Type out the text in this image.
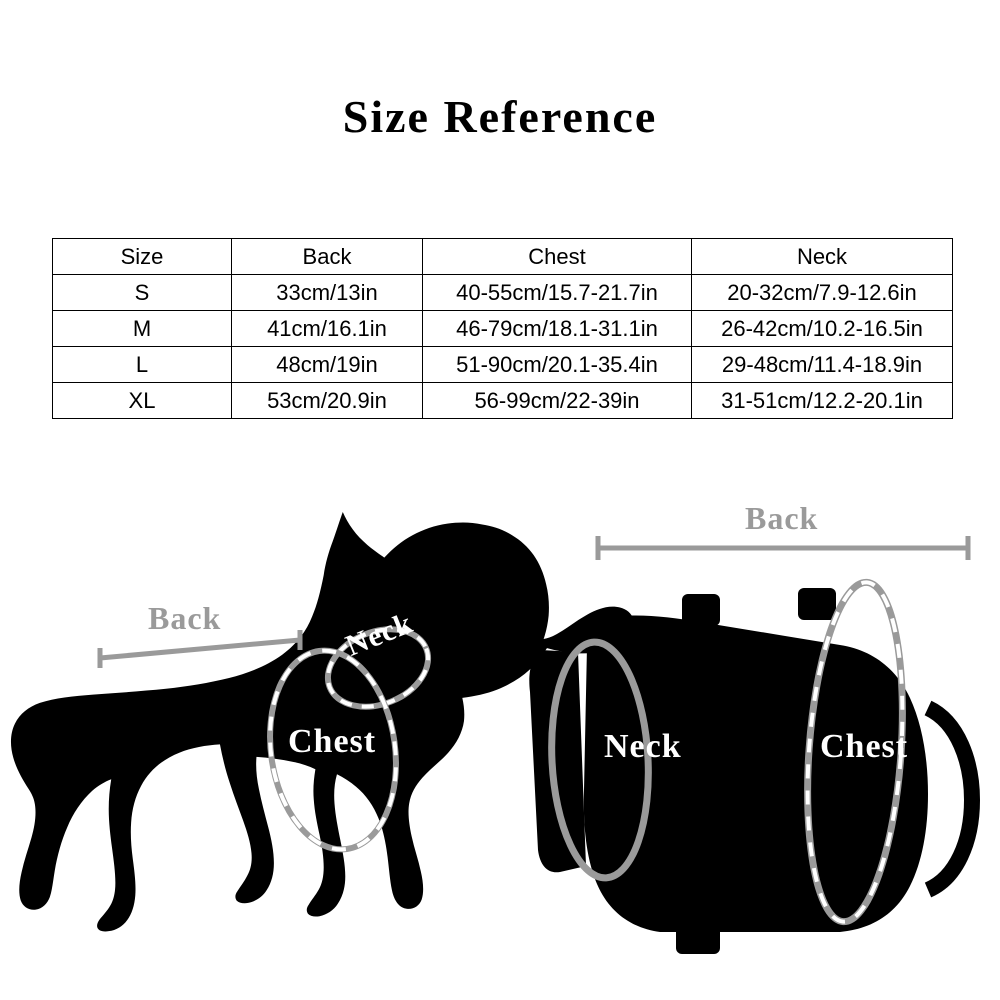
Size Reference
Size	Back	Chest	Neck
S	33cm/13in	40-55cm/15.7-21.7in	20-32cm/7.9-12.6in
M	41cm/16.1in	46-79cm/18.1-31.1in	26-42cm/10.2-16.5in
L	48cm/19in	51-90cm/20.1-35.4in	29-48cm/11.4-18.9in
XL	53cm/20.9in	56-99cm/22-39in	31-51cm/12.2-20.1in
Back	Neck
Chest
Back
Neck	Chest
